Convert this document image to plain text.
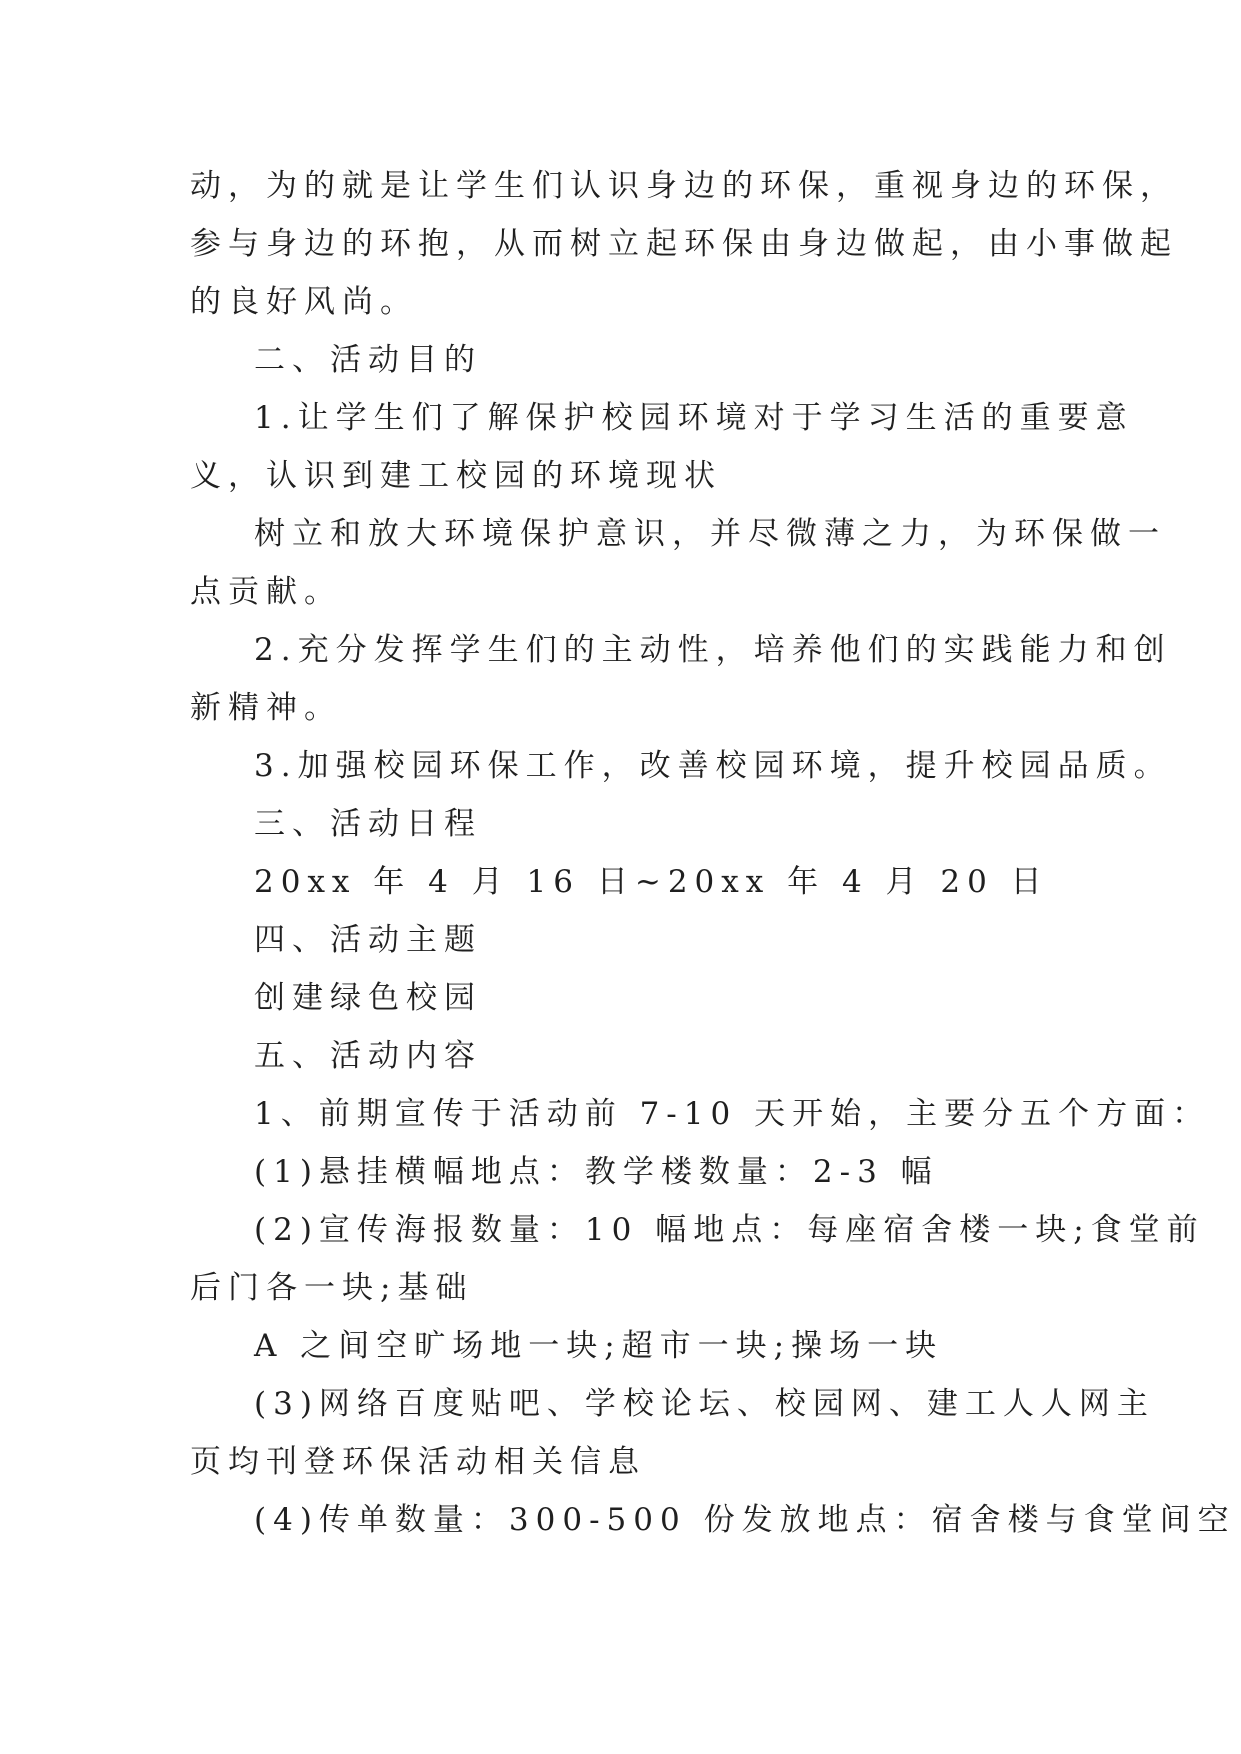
动，为的就是让学生们认识身边的环保，重视身边的环保，

参与身边的环抱，从而树立起环保由身边做起，由小事做起

的良好风尚。

二、活动目的

1.让学生们了解保护校园环境对于学习生活的重要意

义，认识到建工校园的环境现状

树立和放大环境保护意识，并尽微薄之力，为环保做一

点贡献。

2.充分发挥学生们的主动性，培养他们的实践能力和创

新精神。

3.加强校园环保工作，改善校园环境，提升校园品质。

三、活动日程

20xx 年 4 月 16 日~20xx 年 4 月 20 日

四、活动主题

创建绿色校园

五、活动内容

1、前期宣传于活动前 7-10 天开始，主要分五个方面：

(1)悬挂横幅地点：教学楼数量：2-3 幅

(2)宣传海报数量：10 幅地点：每座宿舍楼一块;食堂前

后门各一块;基础

A 之间空旷场地一块;超市一块;操场一块

(3)网络百度贴吧、学校论坛、校园网、建工人人网主

页均刊登环保活动相关信息

(4)传单数量：300-500 份发放地点：宿舍楼与食堂间空
